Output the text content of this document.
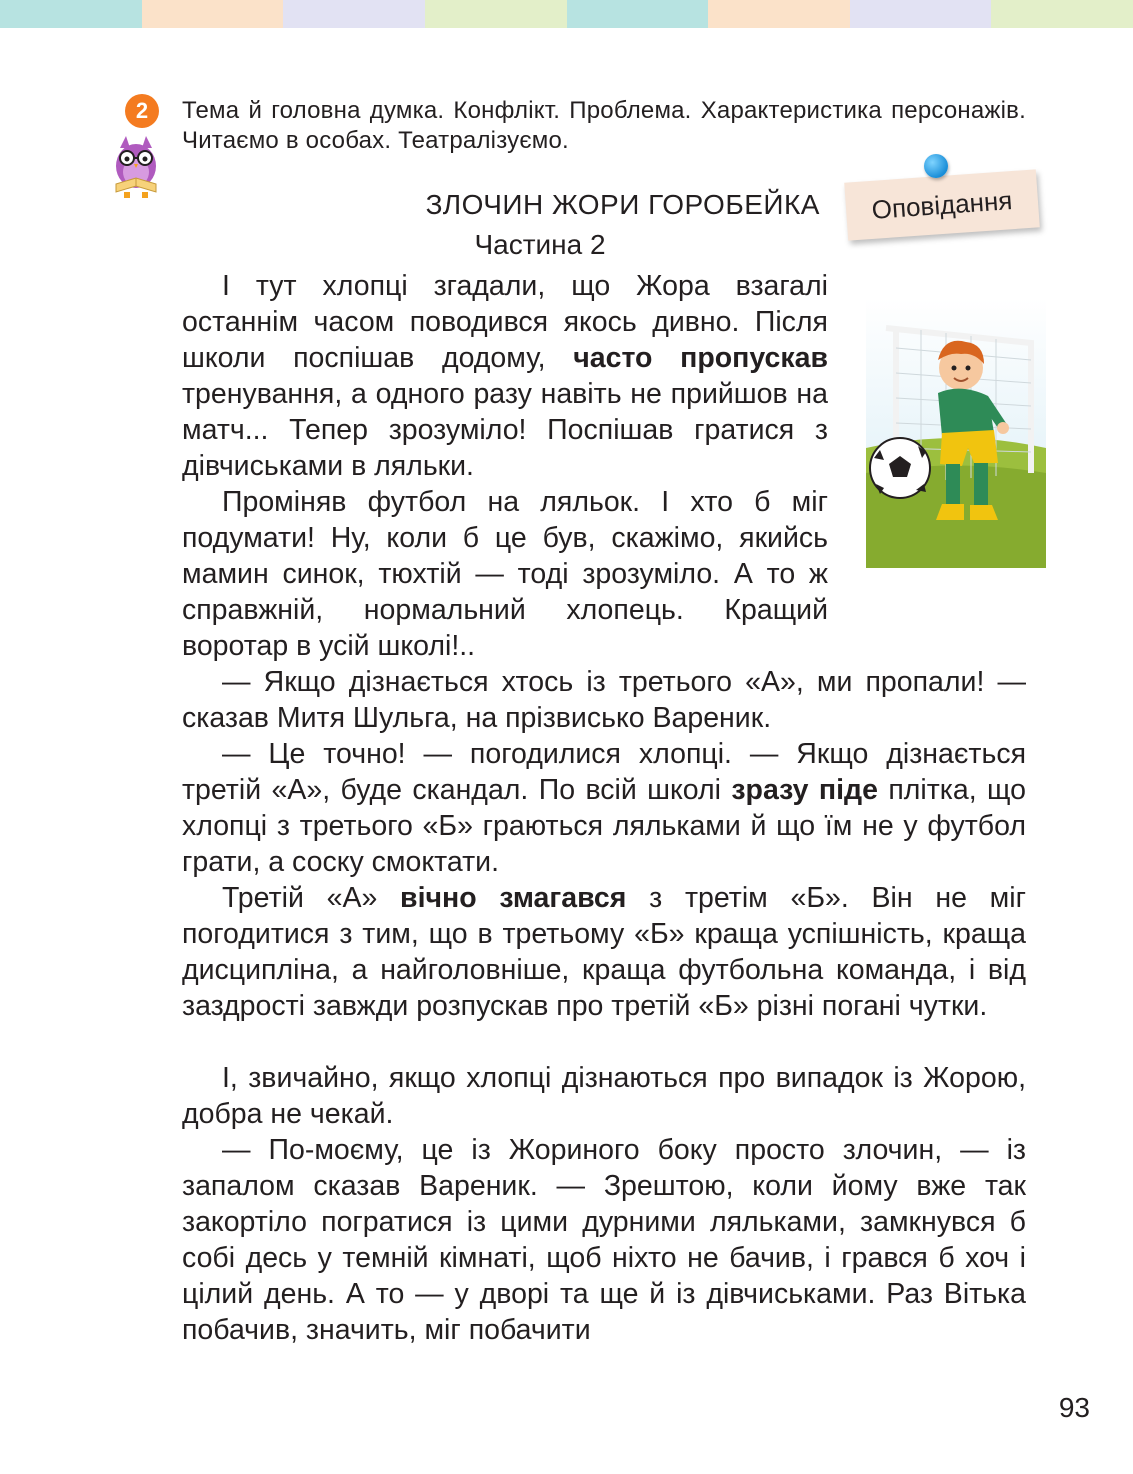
2	Тема й головна думка. Конфлікт. Проблема. Характеристика персонажів. Читаємо в особах. Театралізуємо.
Оповідання
ЗЛОЧИН ЖОРИ ГОРОБЕЙКА
Частина 2

І тут хлопці згадали, що Жора взагалі останнім часом поводився якось дивно. Після школи поспішав додому, часто пропускав тренування, а одного разу навіть не прийшов на матч... Тепер зрозуміло! Поспішав гратися з дівчиськами в ляльки.

Проміняв футбол на ляльок. І хто б міг подумати! Ну, коли б це був, скажімо, якийсь мамин синок, тюхтій — тоді зрозуміло. А то ж справжній, нормальний хлопець. Кращий воротар в усій школі!..

— Якщо дізнається хтось із третього «А», ми пропали! — сказав Митя Шульга, на прізвисько Вареник.

— Це точно! — погодилися хлопці. — Якщо дізнається третій «А», буде скандал. По всій школі зразу піде плітка, що хлопці з третього «Б» граються ляльками й що їм не у футбол грати, а соску смоктати.

Третій «А» вічно змагався з третім «Б». Він не міг погодитися з тим, що в третьому «Б» краща успішність, краща дисципліна, а найголовніше, краща футбольна команда, і від заздрості завжди розпускав про третій «Б» різні погані чутки.

І, звичайно, якщо хлопці дізнаються про випадок із Жорою, добра не чекай.

— По-моєму, це із Жориного боку просто злочин, — із запалом сказав Вареник. — Зрештою, коли йому вже так закортіло погратися із цими дурними ляльками, замкнувся б собі десь у темній кімнаті, щоб ніхто не бачив, і грався б хоч і цілий день. А то — у дворі та ще й із дівчиськами. Раз Вітька побачив, значить, міг побачити

93
